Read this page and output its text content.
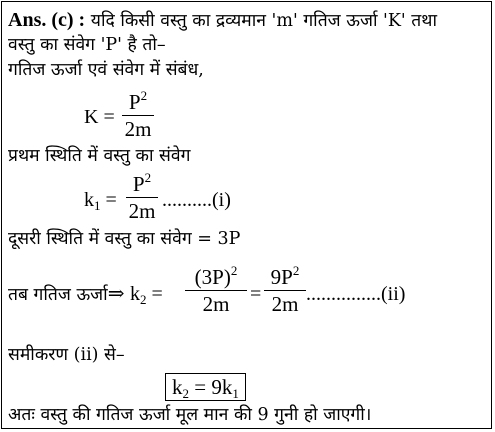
Ans. (c) : यदि किसी वस्तु का द्रव्यमान 'm' गतिज ऊर्जा 'K' तथा
वस्तु का संवेग 'P' है तो–
गतिज ऊर्जा एवं संवेग में संबंध,
K =
$P^2$
2m
प्रथम स्थिति में वस्तु का संवेग
$k_1$ =
$P^2$
2m ..........(i)
दूसरी स्थिति में वस्तु का संवेग = 3P
तब गतिज ऊर्जा⇒ $k_2$ =
$(3P)^2$
2m	=
$9P^2$
2m ...............(ii)
समीकरण (ii) से–
$k_2 = 9k_1$
अतः वस्तु की गतिज ऊर्जा मूल मान की 9 गुनी हो जाएगी।
